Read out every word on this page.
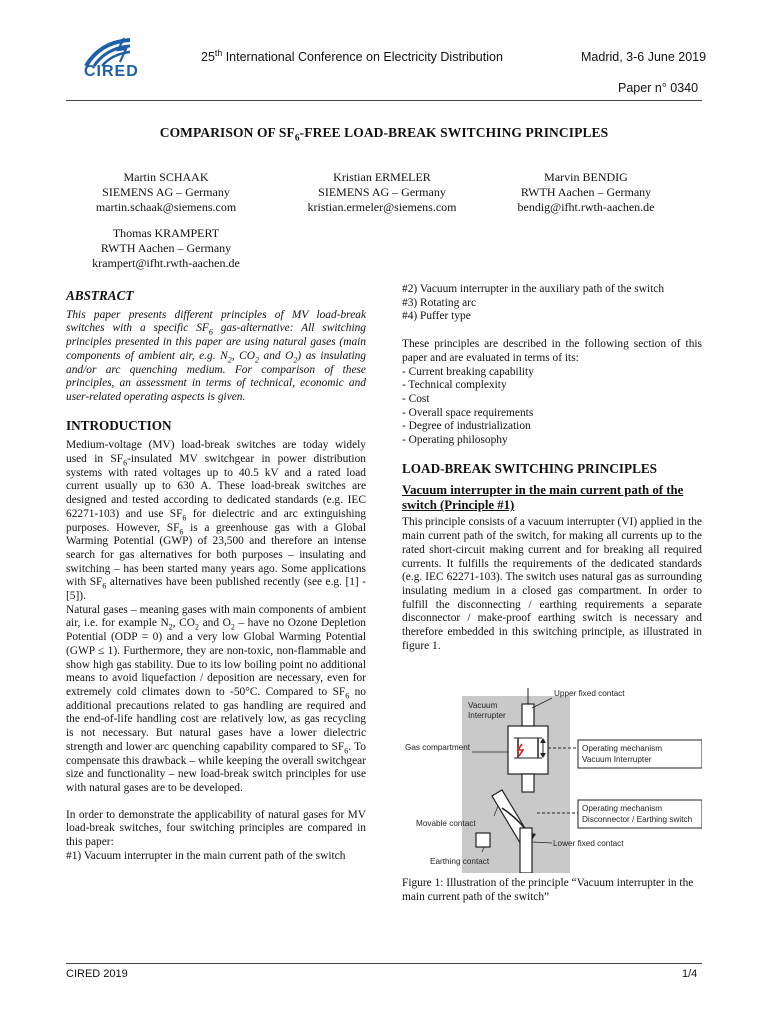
CIRED
25th International Conference on Electricity Distribution	Madrid, 3-6 June 2019
Paper n° 0340
COMPARISON OF $SF_6$-FREE LOAD-BREAK SWITCHING PRINCIPLES
Martin SCHAAK
SIEMENS AG – Germany
martin.schaak@siemens.com
Kristian ERMELER
SIEMENS AG – Germany
kristian.ermeler@siemens.com
Marvin BENDIG
RWTH Aachen – Germany
bendig@ifht.rwth-aachen.de
Thomas KRAMPERT
RWTH Aachen – Germany
krampert@ifht.rwth-aachen.de
ABSTRACT

This paper presents different principles of MV load-break switches with a specific $SF_6$ gas-alternative: All switching principles presented in this paper are using natural gases (main components of ambient air, e.g. $N_2$, $CO_2$ and $O_2$) as insulating and/or arc quenching medium. For comparison of these principles, an assessment in terms of technical, economic and user-related operating aspects is given.

INTRODUCTION

Medium-voltage (MV) load-break switches are today widely used in $SF_6$-insulated MV switchgear in power distribution systems with rated voltages up to 40.5 kV and a rated load current usually up to 630 A. These load-break switches are designed and tested according to dedicated standards (e.g. IEC 62271-103) and use $SF_6$ for dielectric and arc extinguishing purposes. However, $SF_6$ is a greenhouse gas with a Global Warming Potential (GWP) of 23,500 and therefore an intense search for gas alternatives for both purposes – insulating and switching – has been started many years ago. Some applications with $SF_6$ alternatives have been published recently (see e.g. [1] - [5]).

Natural gases – meaning gases with main components of ambient air, i.e. for example $N_2$, $CO_2$ and $O_2$ – have no Ozone Depletion Potential (ODP = 0) and a very low Global Warming Potential (GWP ≤ 1). Furthermore, they are non-toxic, non-flammable and show high gas stability. Due to its low boiling point no additional means to avoid liquefaction / deposition are necessary, even for extremely cold climates down to -50°C. Compared to $SF_6$ no additional precautions related to gas handling are required and the end-of-life handling cost are relatively low, as gas recycling is not necessary. But natural gases have a lower dielectric strength and lower arc quenching capability compared to $SF_6$. To compensate this drawback – while keeping the overall switchgear size and functionality – new load-break switch principles for use with natural gases are to be developed.

In order to demonstrate the applicability of natural gases for MV load-break switches, four switching principles are compared in this paper:

#1) Vacuum interrupter in the main current path of the switch
#2) Vacuum interrupter in the auxiliary path of the switch
#3) Rotating arc
#4) Puffer type

These principles are described in the following section of this paper and are evaluated in terms of its:

- Current breaking capability
- Technical complexity
- Cost
- Overall space requirements
- Degree of industrialization
- Operating philosophy
LOAD-BREAK SWITCHING PRINCIPLES
Vacuum interrupter in the main current path of the switch (Principle #1)

This principle consists of a vacuum interrupter (VI) applied in the main current path of the switch, for making all currents up to the rated short-circuit making current and for breaking all required currents. It fulfills the requirements of the dedicated standards (e.g. IEC 62271-103). The switch uses natural gas as surrounding insulating medium in a closed gas compartment. In order to fulfill the disconnecting / earthing requirements a separate disconnector / make-proof earthing switch is necessary and therefore embedded in this switching principle, as illustrated in figure 1.

Upper fixed contact
Vacuum
Interrupter
Gas compartment	Operating mechanism
Vacuum Interrupter
Operating mechanism
Disconnector / Earthing switch
Movable contact
Lower fixed contact
Earthing contact
Figure 1: Illustration of the principle “Vacuum interrupter in the main current path of the switch”
CIRED 2019	1/4
